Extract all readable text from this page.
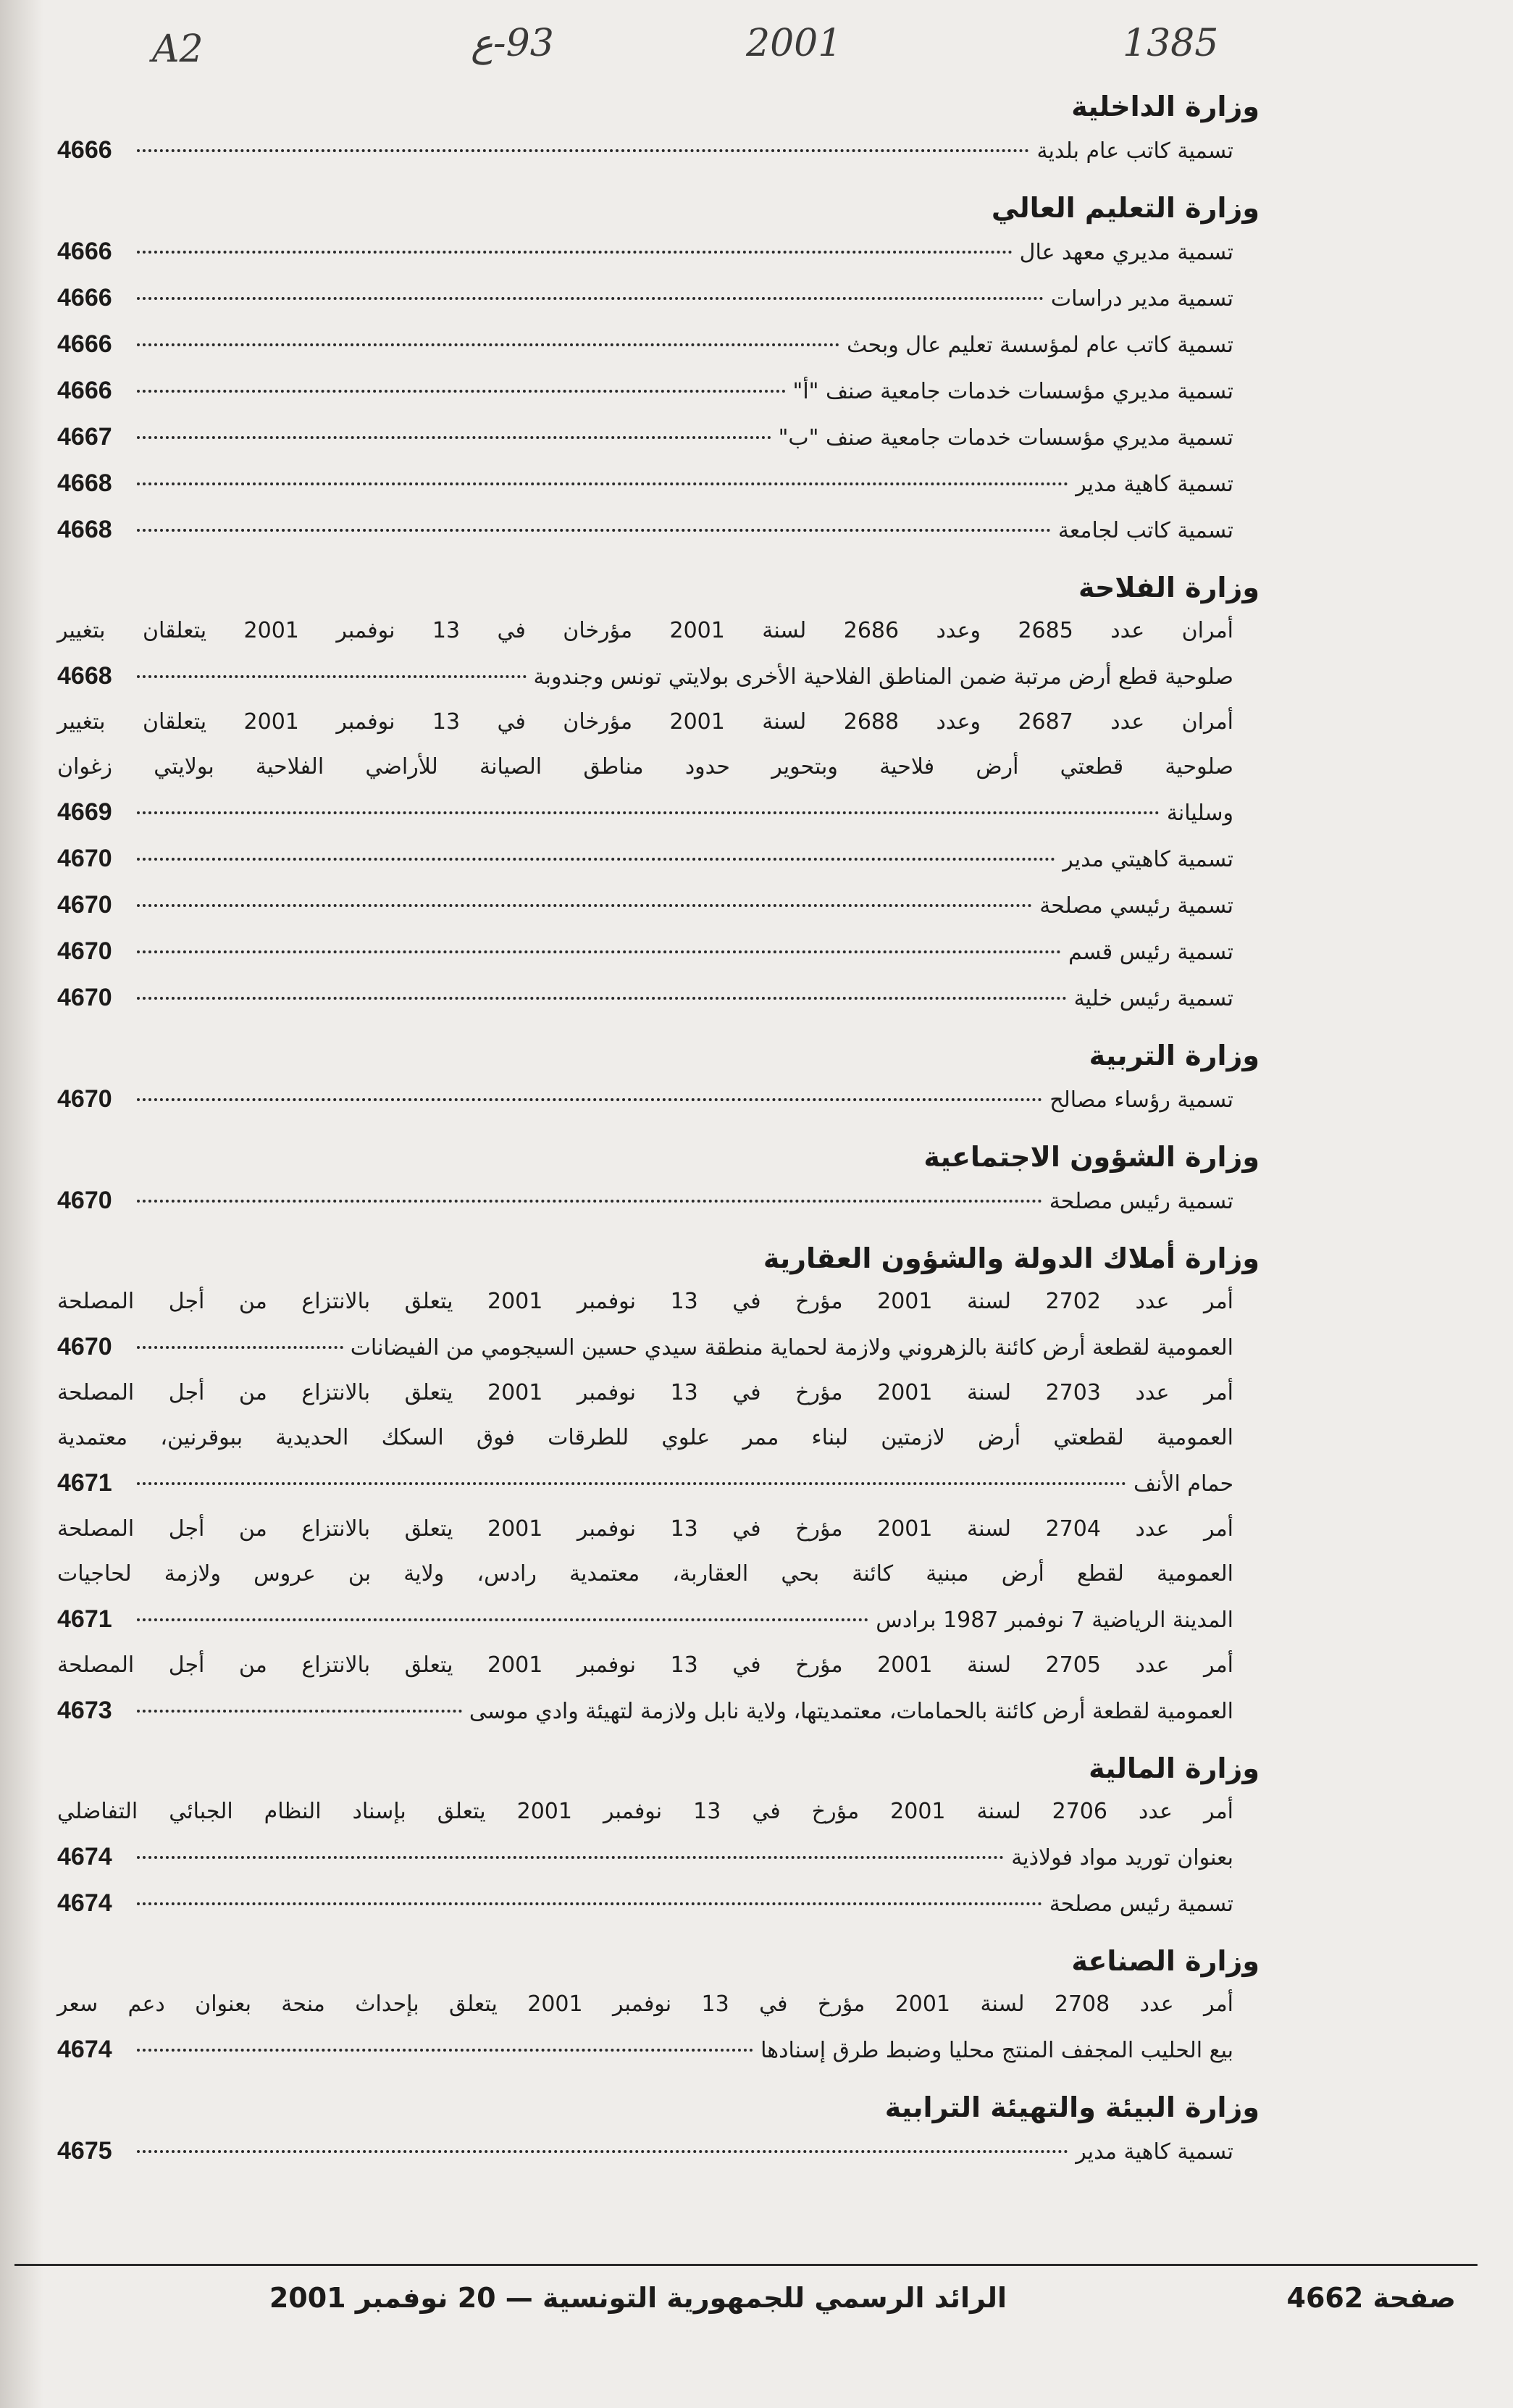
1385
2001
93-ع
A2
وزارة الداخلية
تسمية كاتب عام بلدية
4666
وزارة التعليم العالي
تسمية مديري معهد عال
4666
تسمية مدير دراسات
4666
تسمية كاتب عام لمؤسسة تعليم عال وبحث
4666
تسمية مديري مؤسسات خدمات جامعية صنف "أ"
4666
تسمية مديري مؤسسات خدمات جامعية صنف "ب"
4667
تسمية كاهية مدير
4668
تسمية كاتب لجامعة
4668
وزارة الفلاحة
أمران عدد 2685 وعدد 2686 لسنة 2001 مؤرخان في 13 نوفمبر 2001 يتعلقان بتغيير
صلوحية قطع أرض مرتبة ضمن المناطق الفلاحية الأخرى بولايتي تونس وجندوبة
4668
أمران عدد 2687 وعدد 2688 لسنة 2001 مؤرخان في 13 نوفمبر 2001 يتعلقان بتغيير
صلوحية قطعتي أرض فلاحية وبتحوير حدود مناطق الصيانة للأراضي الفلاحية بولايتي زغوان
وسليانة
4669
تسمية كاهيتي مدير
4670
تسمية رئيسي مصلحة
4670
تسمية رئيس قسم
4670
تسمية رئيس خلية
4670
وزارة التربية
تسمية رؤساء مصالح
4670
وزارة الشؤون الاجتماعية
تسمية رئيس مصلحة
4670
وزارة أملاك الدولة والشؤون العقارية
أمر عدد 2702 لسنة 2001 مؤرخ في 13 نوفمبر 2001 يتعلق بالانتزاع من أجل المصلحة
العمومية لقطعة أرض كائنة بالزهروني ولازمة لحماية منطقة سيدي حسين السيجومي من الفيضانات
4670
أمر عدد 2703 لسنة 2001 مؤرخ في 13 نوفمبر 2001 يتعلق بالانتزاع من أجل المصلحة
العمومية لقطعتي أرض لازمتين لبناء ممر علوي للطرقات فوق السكك الحديدية ببوقرنين، معتمدية
حمام الأنف
4671
أمر عدد 2704 لسنة 2001 مؤرخ في 13 نوفمبر 2001 يتعلق بالانتزاع من أجل المصلحة
العمومية لقطع أرض مبنية كائنة بحي العقاربة، معتمدية رادس، ولاية بن عروس ولازمة لحاجيات
المدينة الرياضية 7 نوفمبر 1987 برادس
4671
أمر عدد 2705 لسنة 2001 مؤرخ في 13 نوفمبر 2001 يتعلق بالانتزاع من أجل المصلحة
العمومية لقطعة أرض كائنة بالحمامات، معتمديتها، ولاية نابل ولازمة لتهيئة وادي موسى
4673
وزارة المالية
أمر عدد 2706 لسنة 2001 مؤرخ في 13 نوفمبر 2001 يتعلق بإسناد النظام الجبائي التفاضلي
بعنوان توريد مواد فولاذية
4674
تسمية رئيس مصلحة
4674
وزارة الصناعة
أمر عدد 2708 لسنة 2001 مؤرخ في 13 نوفمبر 2001 يتعلق بإحداث منحة بعنوان دعم سعر
بيع الحليب المجفف المنتج محليا وضبط طرق إسنادها
4674
وزارة البيئة والتهيئة الترابية
تسمية كاهية مدير
4675
صفحة 4662
الرائد الرسمي للجمهورية التونسية — 20 نوفمبر 2001
